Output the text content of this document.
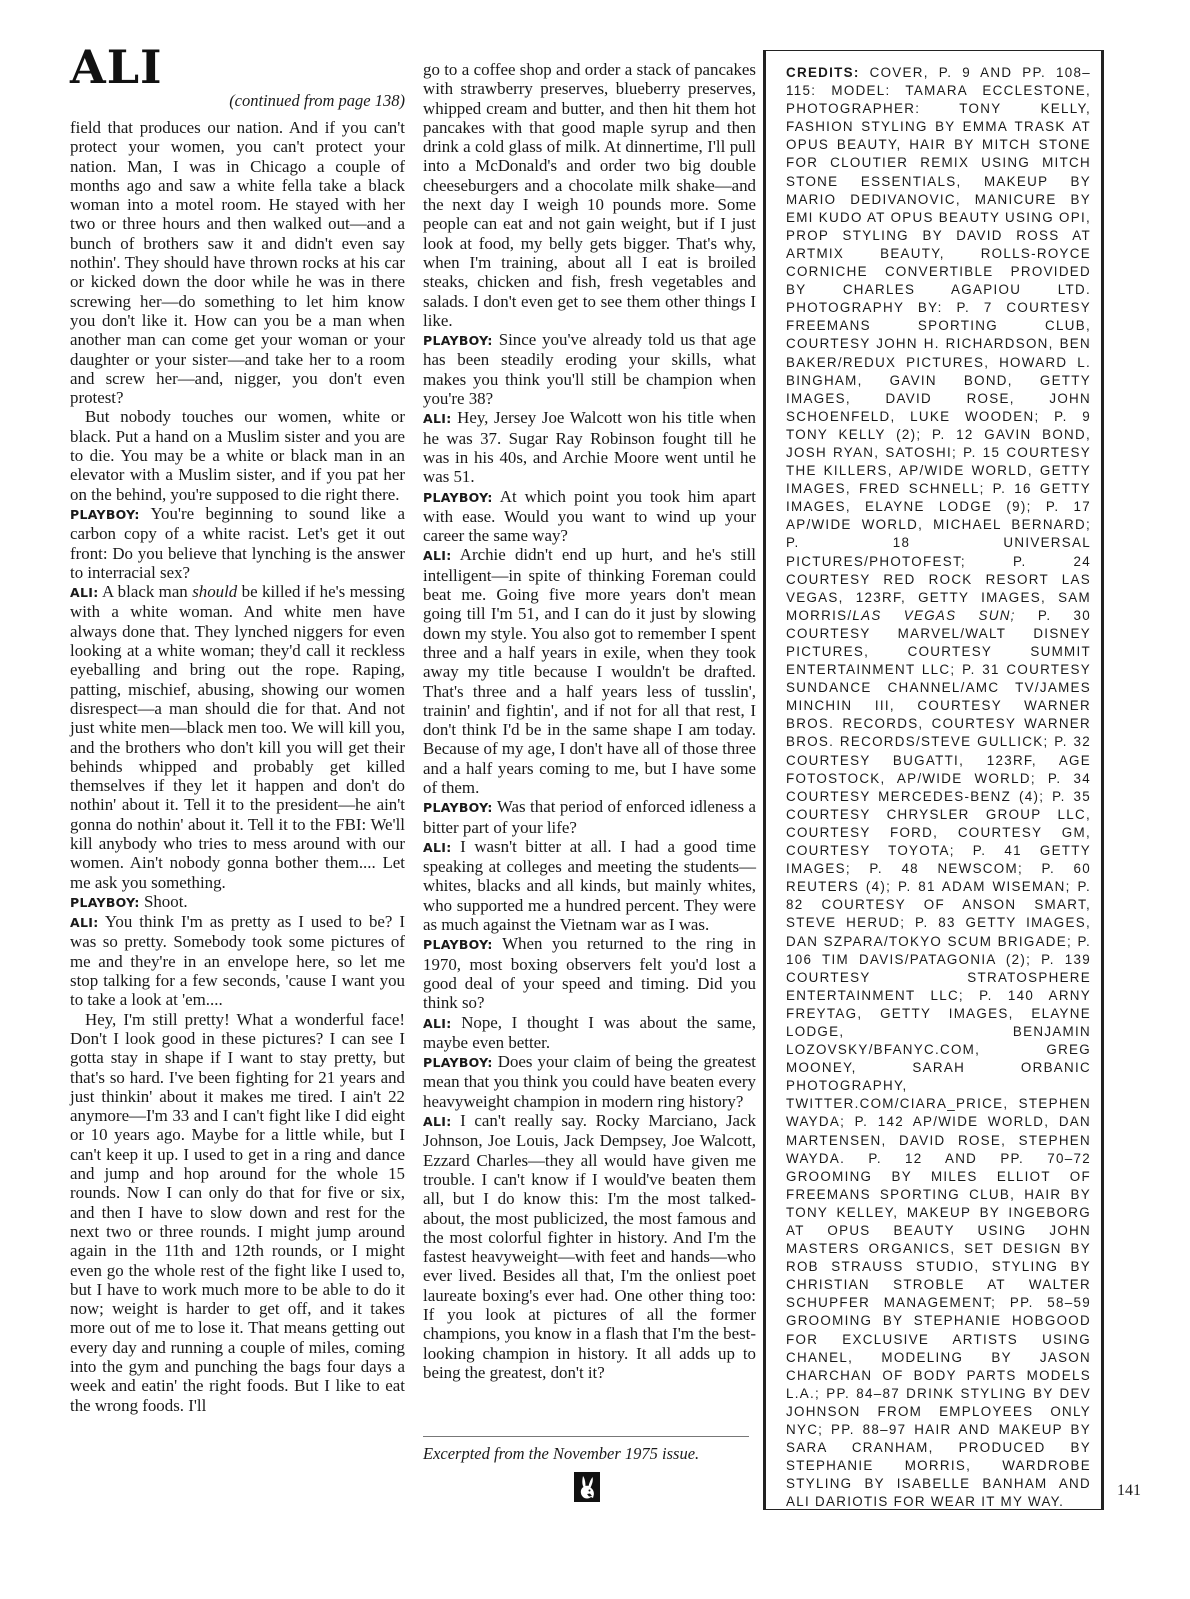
ALI
(continued from page 138)

field that produces our nation. And if you can't protect your women, you can't protect your nation. Man, I was in Chicago a couple of months ago and saw a white fella take a black woman into a motel room. He stayed with her two or three hours and then walked out—and a bunch of brothers saw it and didn't even say nothin'. They should have thrown rocks at his car or kicked down the door while he was in there screwing her—do something to let him know you don't like it. How can you be a man when another man can come get your woman or your daughter or your sister—and take her to a room and screw her—and, nigger, you don't even protest?

But nobody touches our women, white or black. Put a hand on a Muslim sister and you are to die. You may be a white or black man in an elevator with a Muslim sister, and if you pat her on the behind, you're supposed to die right there.

PLAYBOY: You're beginning to sound like a carbon copy of a white racist. Let's get it out front: Do you believe that lynching is the answer to interracial sex?

ALI: A black man should be killed if he's messing with a white woman. And white men have always done that. They lynched niggers for even looking at a white woman; they'd call it reckless eyeballing and bring out the rope. Raping, patting, mischief, abusing, showing our women disrespect—a man should die for that. And not just white men—black men too. We will kill you, and the brothers who don't kill you will get their behinds whipped and probably get killed themselves if they let it happen and don't do nothin' about it. Tell it to the president—he ain't gonna do nothin' about it. Tell it to the FBI: We'll kill anybody who tries to mess around with our women. Ain't nobody gonna bother them.... Let me ask you something.

PLAYBOY: Shoot.

ALI: You think I'm as pretty as I used to be? I was so pretty. Somebody took some pictures of me and they're in an envelope here, so let me stop talking for a few seconds, 'cause I want you to take a look at 'em....

Hey, I'm still pretty! What a wonderful face! Don't I look good in these pictures? I can see I gotta stay in shape if I want to stay pretty, but that's so hard. I've been fighting for 21 years and just thinkin' about it makes me tired. I ain't 22 anymore—I'm 33 and I can't fight like I did eight or 10 years ago. Maybe for a little while, but I can't keep it up. I used to get in a ring and dance and jump and hop around for the whole 15 rounds. Now I can only do that for five or six, and then I have to slow down and rest for the next two or three rounds. I might jump around again in the 11th and 12th rounds, or I might even go the whole rest of the fight like I used to, but I have to work much more to be able to do it now; weight is harder to get off, and it takes more out of me to lose it. That means getting out every day and running a couple of miles, coming into the gym and punching the bags four days a week and eatin' the right foods. But I like to eat the wrong foods. I'll

go to a coffee shop and order a stack of pancakes with strawberry preserves, blueberry preserves, whipped cream and butter, and then hit them hot pancakes with that good maple syrup and then drink a cold glass of milk. At dinnertime, I'll pull into a McDonald's and order two big double cheeseburgers and a chocolate milk shake—and the next day I weigh 10 pounds more. Some people can eat and not gain weight, but if I just look at food, my belly gets bigger. That's why, when I'm training, about all I eat is broiled steaks, chicken and fish, fresh vegetables and salads. I don't even get to see them other things I like.

PLAYBOY: Since you've already told us that age has been steadily eroding your skills, what makes you think you'll still be champion when you're 38?

ALI: Hey, Jersey Joe Walcott won his title when he was 37. Sugar Ray Robinson fought till he was in his 40s, and Archie Moore went until he was 51.

PLAYBOY: At which point you took him apart with ease. Would you want to wind up your career the same way?

ALI: Archie didn't end up hurt, and he's still intelligent—in spite of thinking Foreman could beat me. Going five more years don't mean going till I'm 51, and I can do it just by slowing down my style. You also got to remember I spent three and a half years in exile, when they took away my title because I wouldn't be drafted. That's three and a half years less of tusslin', trainin' and fightin', and if not for all that rest, I don't think I'd be in the same shape I am today. Because of my age, I don't have all of those three and a half years coming to me, but I have some of them.

PLAYBOY: Was that period of enforced idleness a bitter part of your life?

ALI: I wasn't bitter at all. I had a good time speaking at colleges and meeting the students—whites, blacks and all kinds, but mainly whites, who supported me a hundred percent. They were as much against the Vietnam war as I was.

PLAYBOY: When you returned to the ring in 1970, most boxing observers felt you'd lost a good deal of your speed and timing. Did you think so?

ALI: Nope, I thought I was about the same, maybe even better.

PLAYBOY: Does your claim of being the greatest mean that you think you could have beaten every heavyweight champion in modern ring history?

ALI: I can't really say. Rocky Marciano, Jack Johnson, Joe Louis, Jack Dempsey, Joe Walcott, Ezzard Charles—they all would have given me trouble. I can't know if I would've beaten them all, but I do know this: I'm the most talked-about, the most publicized, the most famous and the most colorful fighter in history. And I'm the fastest heavyweight—with feet and hands—who ever lived. Besides all that, I'm the onliest poet laureate boxing's ever had. One other thing too: If you look at pictures of all the former champions, you know in a flash that I'm the best-looking champion in history. It all adds up to being the greatest, don't it?

Excerpted from the November 1975 issue.

CREDITS: COVER, P. 9 AND PP. 108–115: MODEL: TAMARA ECCLESTONE, PHOTOGRAPHER: TONY KELLY, FASHION STYLING BY EMMA TRASK AT OPUS BEAUTY, HAIR BY MITCH STONE FOR CLOUTIER REMIX USING MITCH STONE ESSENTIALS, MAKEUP BY MARIO DEDIVANOVIC, MANICURE BY EMI KUDO AT OPUS BEAUTY USING OPI, PROP STYLING BY DAVID ROSS AT ARTMIX BEAUTY, ROLLS-ROYCE CORNICHE CONVERTIBLE PROVIDED BY CHARLES AGAPIOU LTD. PHOTOGRAPHY BY: P. 7 COURTESY FREEMANS SPORTING CLUB, COURTESY JOHN H. RICHARDSON, BEN BAKER/REDUX PICTURES, HOWARD L. BINGHAM, GAVIN BOND, GETTY IMAGES, DAVID ROSE, JOHN SCHOENFELD, LUKE WOODEN; P. 9 TONY KELLY (2); P. 12 GAVIN BOND, JOSH RYAN, SATOSHI; P. 15 COURTESY THE KILLERS, AP/WIDE WORLD, GETTY IMAGES, FRED SCHNELL; P. 16 GETTY IMAGES, ELAYNE LODGE (9); P. 17 AP/WIDE WORLD, MICHAEL BERNARD; P. 18 UNIVERSAL PICTURES/PHOTOFEST; P. 24 COURTESY RED ROCK RESORT LAS VEGAS, 123RF, GETTY IMAGES, SAM MORRIS/LAS VEGAS SUN; P. 30 COURTESY MARVEL/WALT DISNEY PICTURES, COURTESY SUMMIT ENTERTAINMENT LLC; P. 31 COURTESY SUNDANCE CHANNEL/AMC TV/JAMES MINCHIN III, COURTESY WARNER BROS. RECORDS, COURTESY WARNER BROS. RECORDS/STEVE GULLICK; P. 32 COURTESY BUGATTI, 123RF, AGE FOTOSTOCK, AP/WIDE WORLD; P. 34 COURTESY MERCEDES-BENZ (4); P. 35 COURTESY CHRYSLER GROUP LLC, COURTESY FORD, COURTESY GM, COURTESY TOYOTA; P. 41 GETTY IMAGES; P. 48 NEWSCOM; P. 60 REUTERS (4); P. 81 ADAM WISEMAN; P. 82 COURTESY OF ANSON SMART, STEVE HERUD; P. 83 GETTY IMAGES, DAN SZPARA/TOKYO SCUM BRIGADE; P. 106 TIM DAVIS/PATAGONIA (2); P. 139 COURTESY STRATOSPHERE ENTERTAINMENT LLC; P. 140 ARNY FREYTAG, GETTY IMAGES, ELAYNE LODGE, BENJAMIN LOZOVSKY/BFANYC.COM, GREG MOONEY, SARAH ORBANIC PHOTOGRAPHY, TWITTER.COM/CIARA_PRICE, STEPHEN WAYDA; P. 142 AP/WIDE WORLD, DAN MARTENSEN, DAVID ROSE, STEPHEN WAYDA. P. 12 AND PP. 70–72 GROOMING BY MILES ELLIOT OF FREEMANS SPORTING CLUB, HAIR BY TONY KELLEY, MAKEUP BY INGEBORG AT OPUS BEAUTY USING JOHN MASTERS ORGANICS, SET DESIGN BY ROB STRAUSS STUDIO, STYLING BY CHRISTIAN STROBLE AT WALTER SCHUPFER MANAGEMENT; PP. 58–59 GROOMING BY STEPHANIE HOBGOOD FOR EXCLUSIVE ARTISTS USING CHANEL, MODELING BY JASON CHARCHAN OF BODY PARTS MODELS L.A.; PP. 84–87 DRINK STYLING BY DEV JOHNSON FROM EMPLOYEES ONLY NYC; PP. 88–97 HAIR AND MAKEUP BY SARA CRANHAM, PRODUCED BY STEPHANIE MORRIS, WARDROBE STYLING BY ISABELLE BANHAM AND ALI DARIOTIS FOR WEAR IT MY WAY.

141
